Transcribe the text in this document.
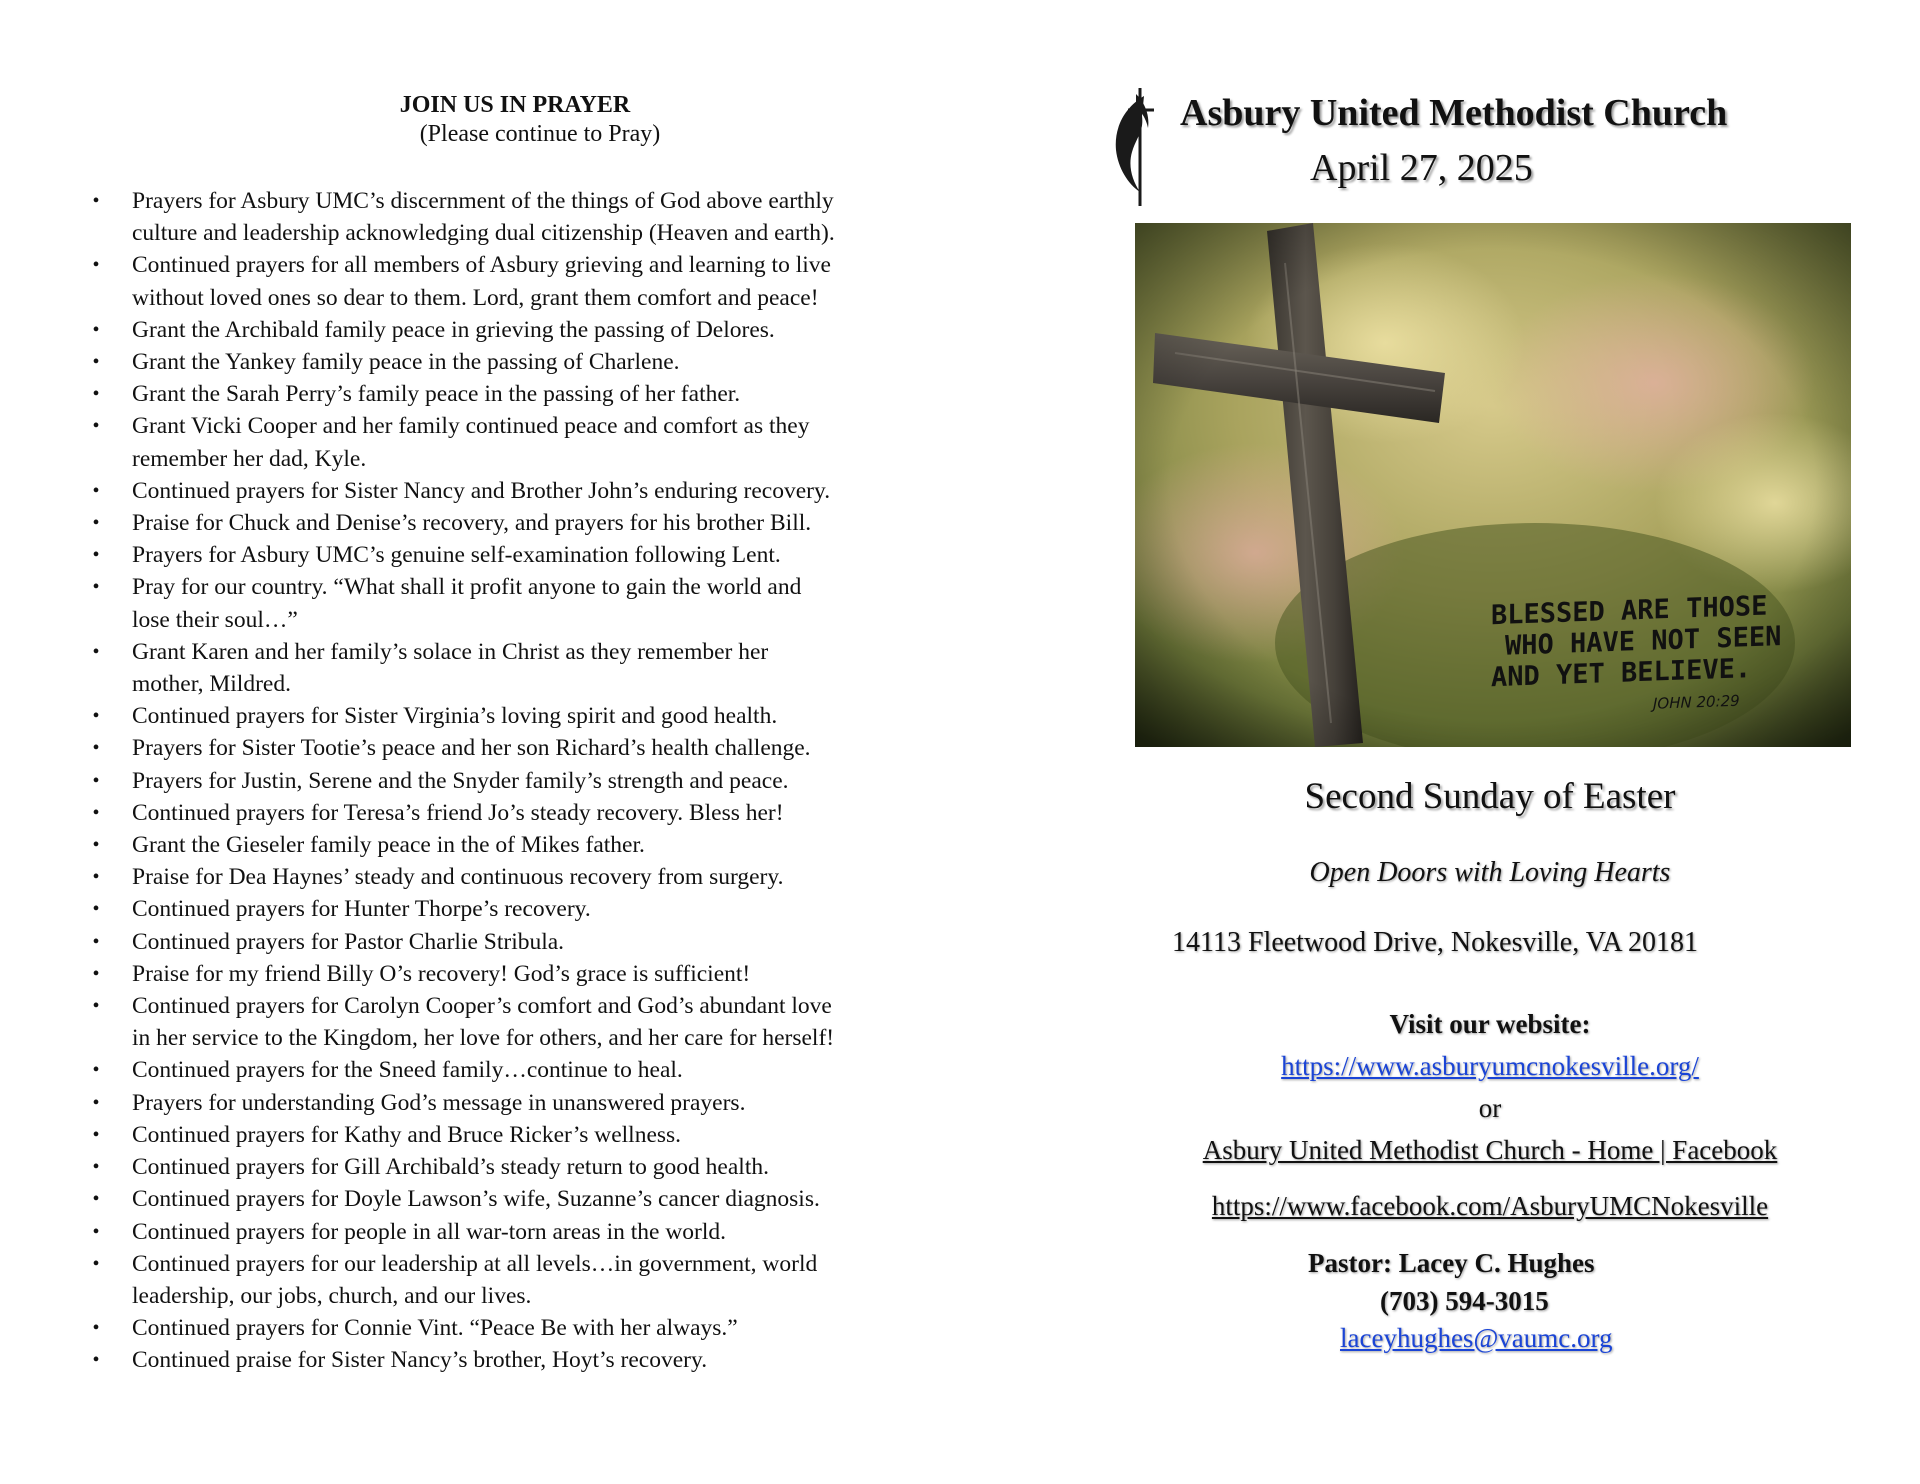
JOIN US IN PRAYER
(Please continue to Pray)
• Prayers for Asbury UMC’s discernment of the things of God above earthly
culture and leadership acknowledging dual citizenship (Heaven and earth).
• Continued prayers for all members of Asbury grieving and learning to live
without loved ones so dear to them. Lord, grant them comfort and peace!
• Grant the Archibald family peace in grieving the passing of Delores.
• Grant the Yankey family peace in the passing of Charlene.
• Grant the Sarah Perry’s family peace in the passing of her father.
• Grant Vicki Cooper and her family continued peace and comfort as they
remember her dad, Kyle.
• Continued prayers for Sister Nancy and Brother John’s enduring recovery.
• Praise for Chuck and Denise’s recovery, and prayers for his brother Bill.
• Prayers for Asbury UMC’s genuine self-examination following Lent.
• Pray for our country. “What shall it profit anyone to gain the world and
lose their soul…”
• Grant Karen and her family’s solace in Christ as they remember her
mother, Mildred.
• Continued prayers for Sister Virginia’s loving spirit and good health.
• Prayers for Sister Tootie’s peace and her son Richard’s health challenge.
• Prayers for Justin, Serene and the Snyder family’s strength and peace.
• Continued prayers for Teresa’s friend Jo’s steady recovery. Bless her!
• Grant the Gieseler family peace in the of Mikes father.
• Praise for Dea Haynes’ steady and continuous recovery from surgery.
• Continued prayers for Hunter Thorpe’s recovery.
• Continued prayers for Pastor Charlie Stribula.
• Praise for my friend Billy O’s recovery! God’s grace is sufficient!
• Continued prayers for Carolyn Cooper’s comfort and God’s abundant love
in her service to the Kingdom, her love for others, and her care for herself!
• Continued prayers for the Sneed family…continue to heal.
• Prayers for understanding God’s message in unanswered prayers.
• Continued prayers for Kathy and Bruce Ricker’s wellness.
• Continued prayers for Gill Archibald’s steady return to good health.
• Continued prayers for Doyle Lawson’s wife, Suzanne’s cancer diagnosis.
• Continued prayers for people in all war-torn areas in the world.
• Continued prayers for our leadership at all levels…in government, world
leadership, our jobs, church, and our lives.
• Continued prayers for Connie Vint. “Peace Be with her always.”
• Continued praise for Sister Nancy’s brother, Hoyt’s recovery.
Asbury United Methodist Church
April 27, 2025
BLESSED ARE THOSE
WHO HAVE NOT SEEN
AND YET BELIEVE.
JOHN 20:29
Second Sunday of Easter
Open Doors with Loving Hearts
14113 Fleetwood Drive, Nokesville, VA 20181
Visit our website:
https://www.asburyumcnokesville.org/
or
Asbury United Methodist Church - Home | Facebook
https://www.facebook.com/AsburyUMCNokesville
Pastor: Lacey C. Hughes
(703) 594-3015
laceyhughes@vaumc.org
